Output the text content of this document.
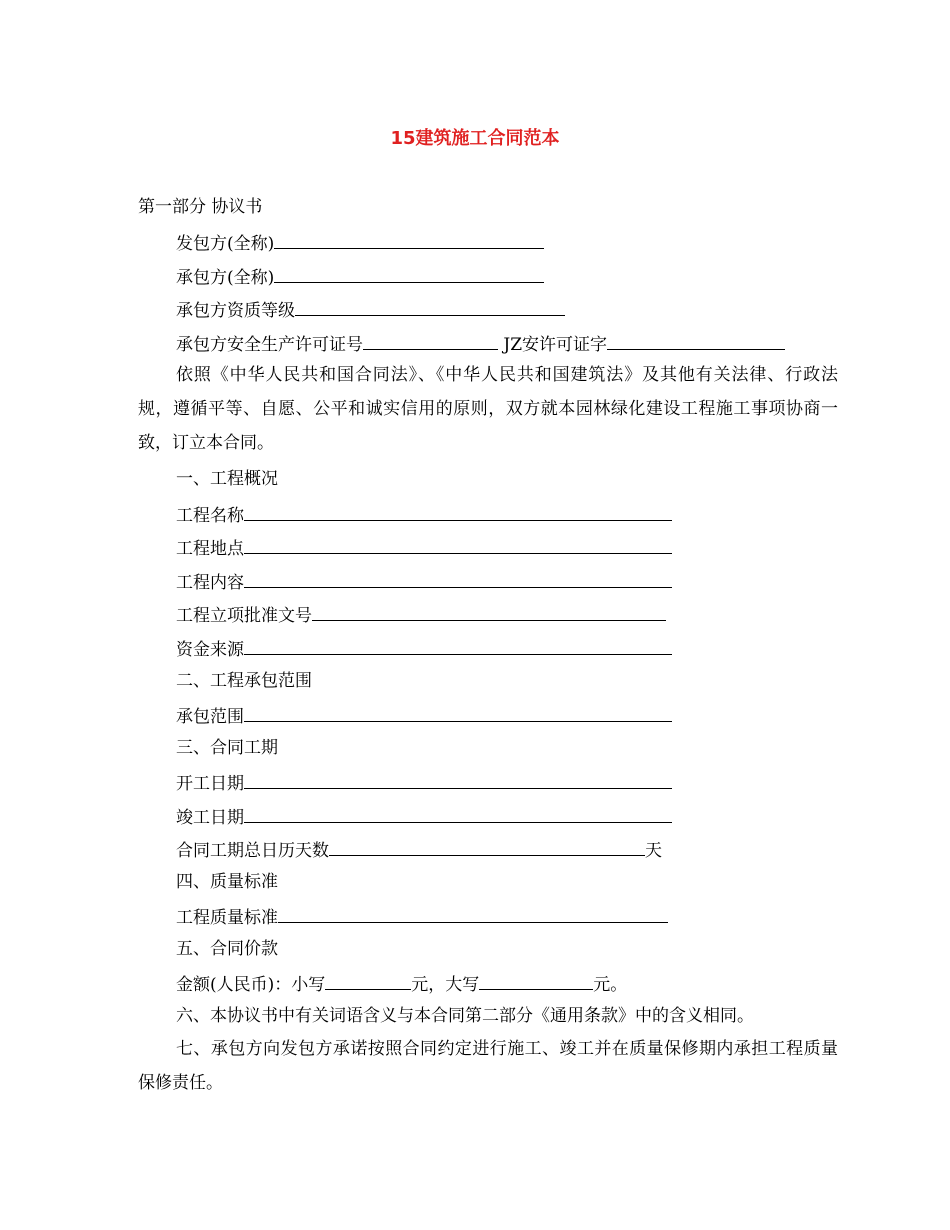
15建筑施工合同范本
第一部分 协议书
发包方(全称)
承包方(全称)
承包方资质等级
承包方安全生产许可证号	JZ安许可证字
依照《中华人民共和国合同法》、《中华人民共和国建筑法》及其他有关法律、行政法规，遵循平等、自愿、公平和诚实信用的原则，双方就本园林绿化建设工程施工事项协商一致，订立本合同。
一、工程概况
工程名称
工程地点
工程内容
工程立项批准文号
资金来源
二、工程承包范围
承包范围
三、合同工期
开工日期
竣工日期
合同工期总日历天数	天
四、质量标准
工程质量标准
五、合同价款
金额(人民币)：小写	元，大写	元。
六、本协议书中有关词语含义与本合同第二部分《通用条款》中的含义相同。
七、承包方向发包方承诺按照合同约定进行施工、竣工并在质量保修期内承担工程质量保修责任。
